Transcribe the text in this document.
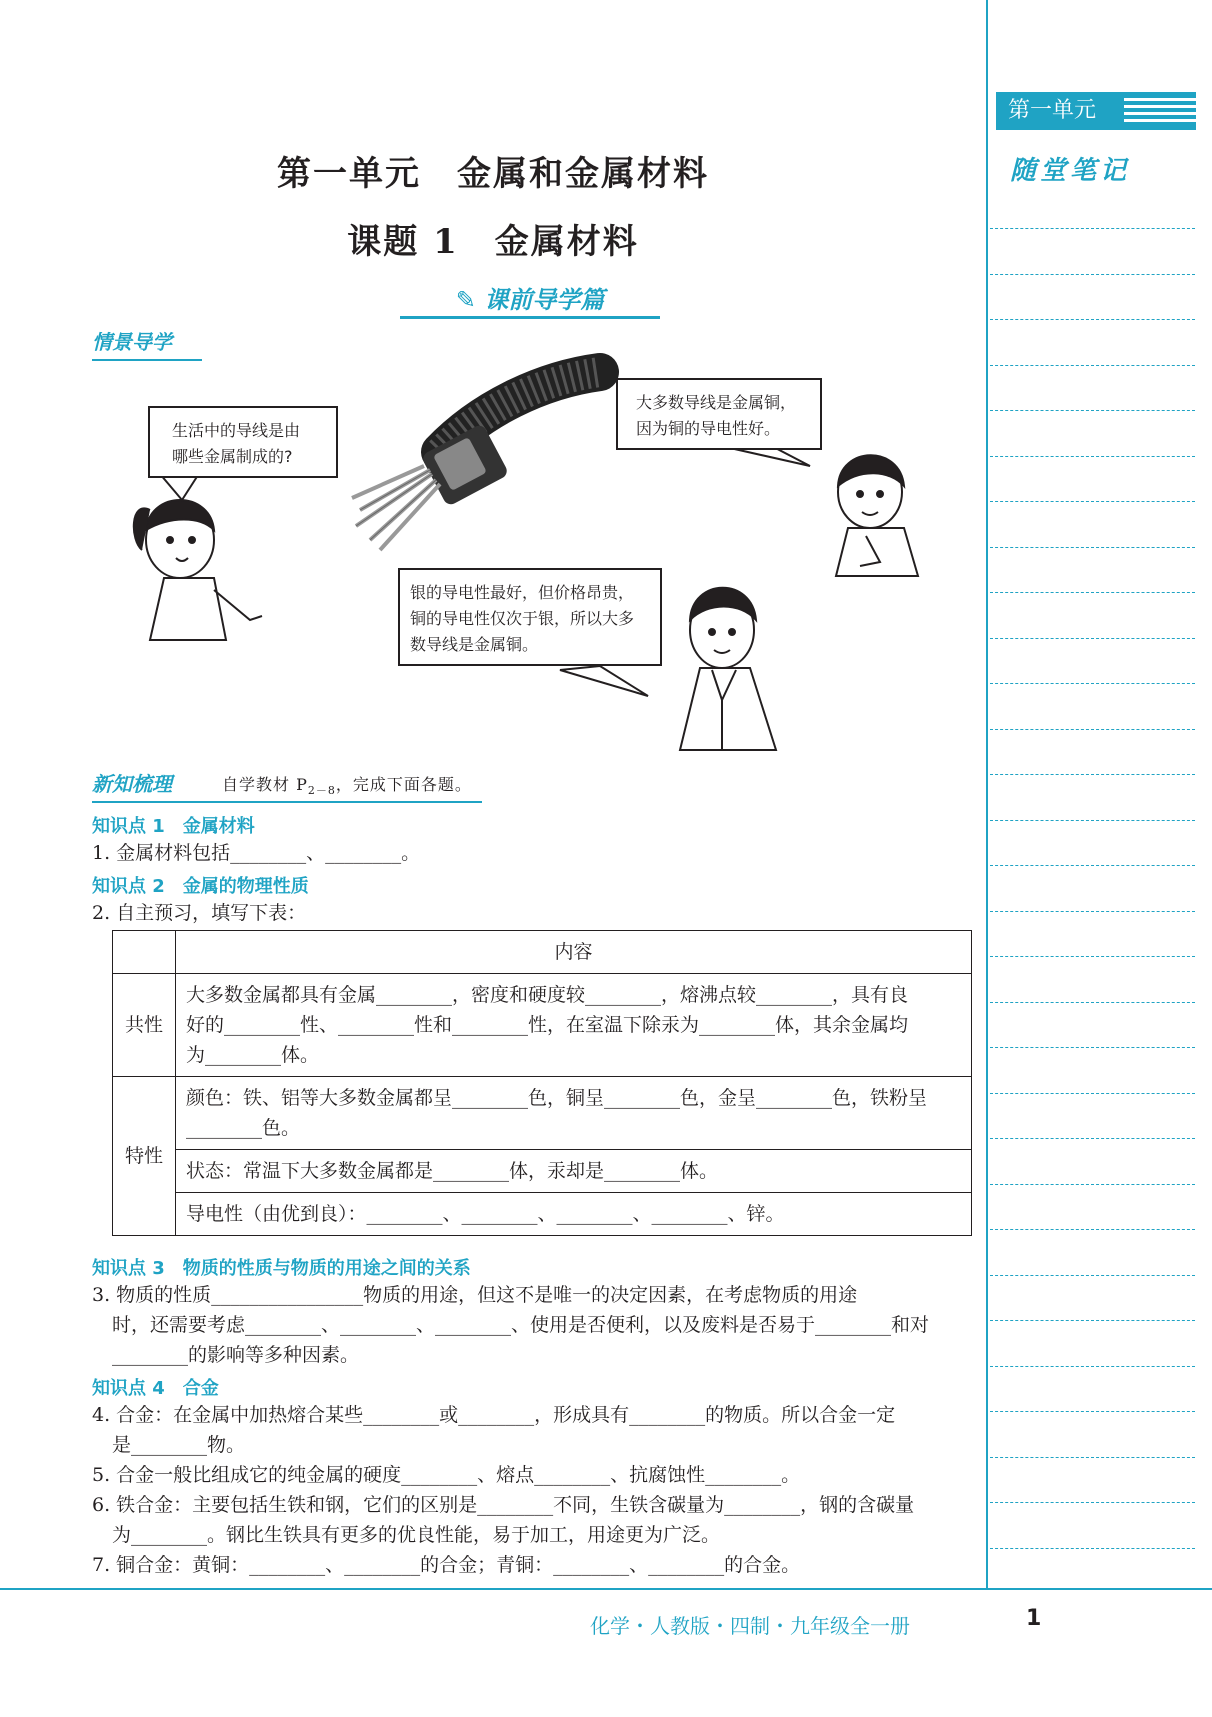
第一单元
随堂笔记
第一单元　金属和金属材料
课题 1　金属材料
✎ 课前导学篇
情景导学
生活中的导线是由
哪些金属制成的?
大多数导线是金属铜，
因为铜的导电性好。
银的导电性最好，但价格昂贵，
铜的导电性仅次于银，所以大多
数导线是金属铜。
新知梳理	自学教材 $P_{2-8}$，完成下面各题。
知识点 1　金属材料
1. 金属材料包括________、________。
知识点 2　金属的物理性质
2. 自主预习，填写下表：
	内容
共性	大多数金属都具有金属________，密度和硬度较________，熔沸点较________，具有良
好的________性、________性和________性，在室温下除汞为________体，其余金属均
为________体。

特性	颜色：铁、铝等大多数金属都呈________色，铜呈________色，金呈________色，铁粉呈
________色。

	状态：常温下大多数金属都是________体，汞却是________体。
	导电性（由优到良）：________、________、________、________、锌。
知识点 3　物质的性质与物质的用途之间的关系
3. 物质的性质________________物质的用途，但这不是唯一的决定因素，在考虑物质的用途
时，还需要考虑________、________、________、使用是否便利，以及废料是否易于________和对
________的影响等多种因素。
知识点 4　合金
4. 合金：在金属中加热熔合某些________或________，形成具有________的物质。所以合金一定
是________物。
5. 合金一般比组成它的纯金属的硬度________、熔点________、抗腐蚀性________。
6. 铁合金：主要包括生铁和钢，它们的区别是________不同，生铁含碳量为________，钢的含碳量
为________。钢比生铁具有更多的优良性能，易于加工，用途更为广泛。
7. 铜合金：黄铜：________、________的合金；青铜：________、________的合金。
化学・人教版・四制・九年级全一册	1
